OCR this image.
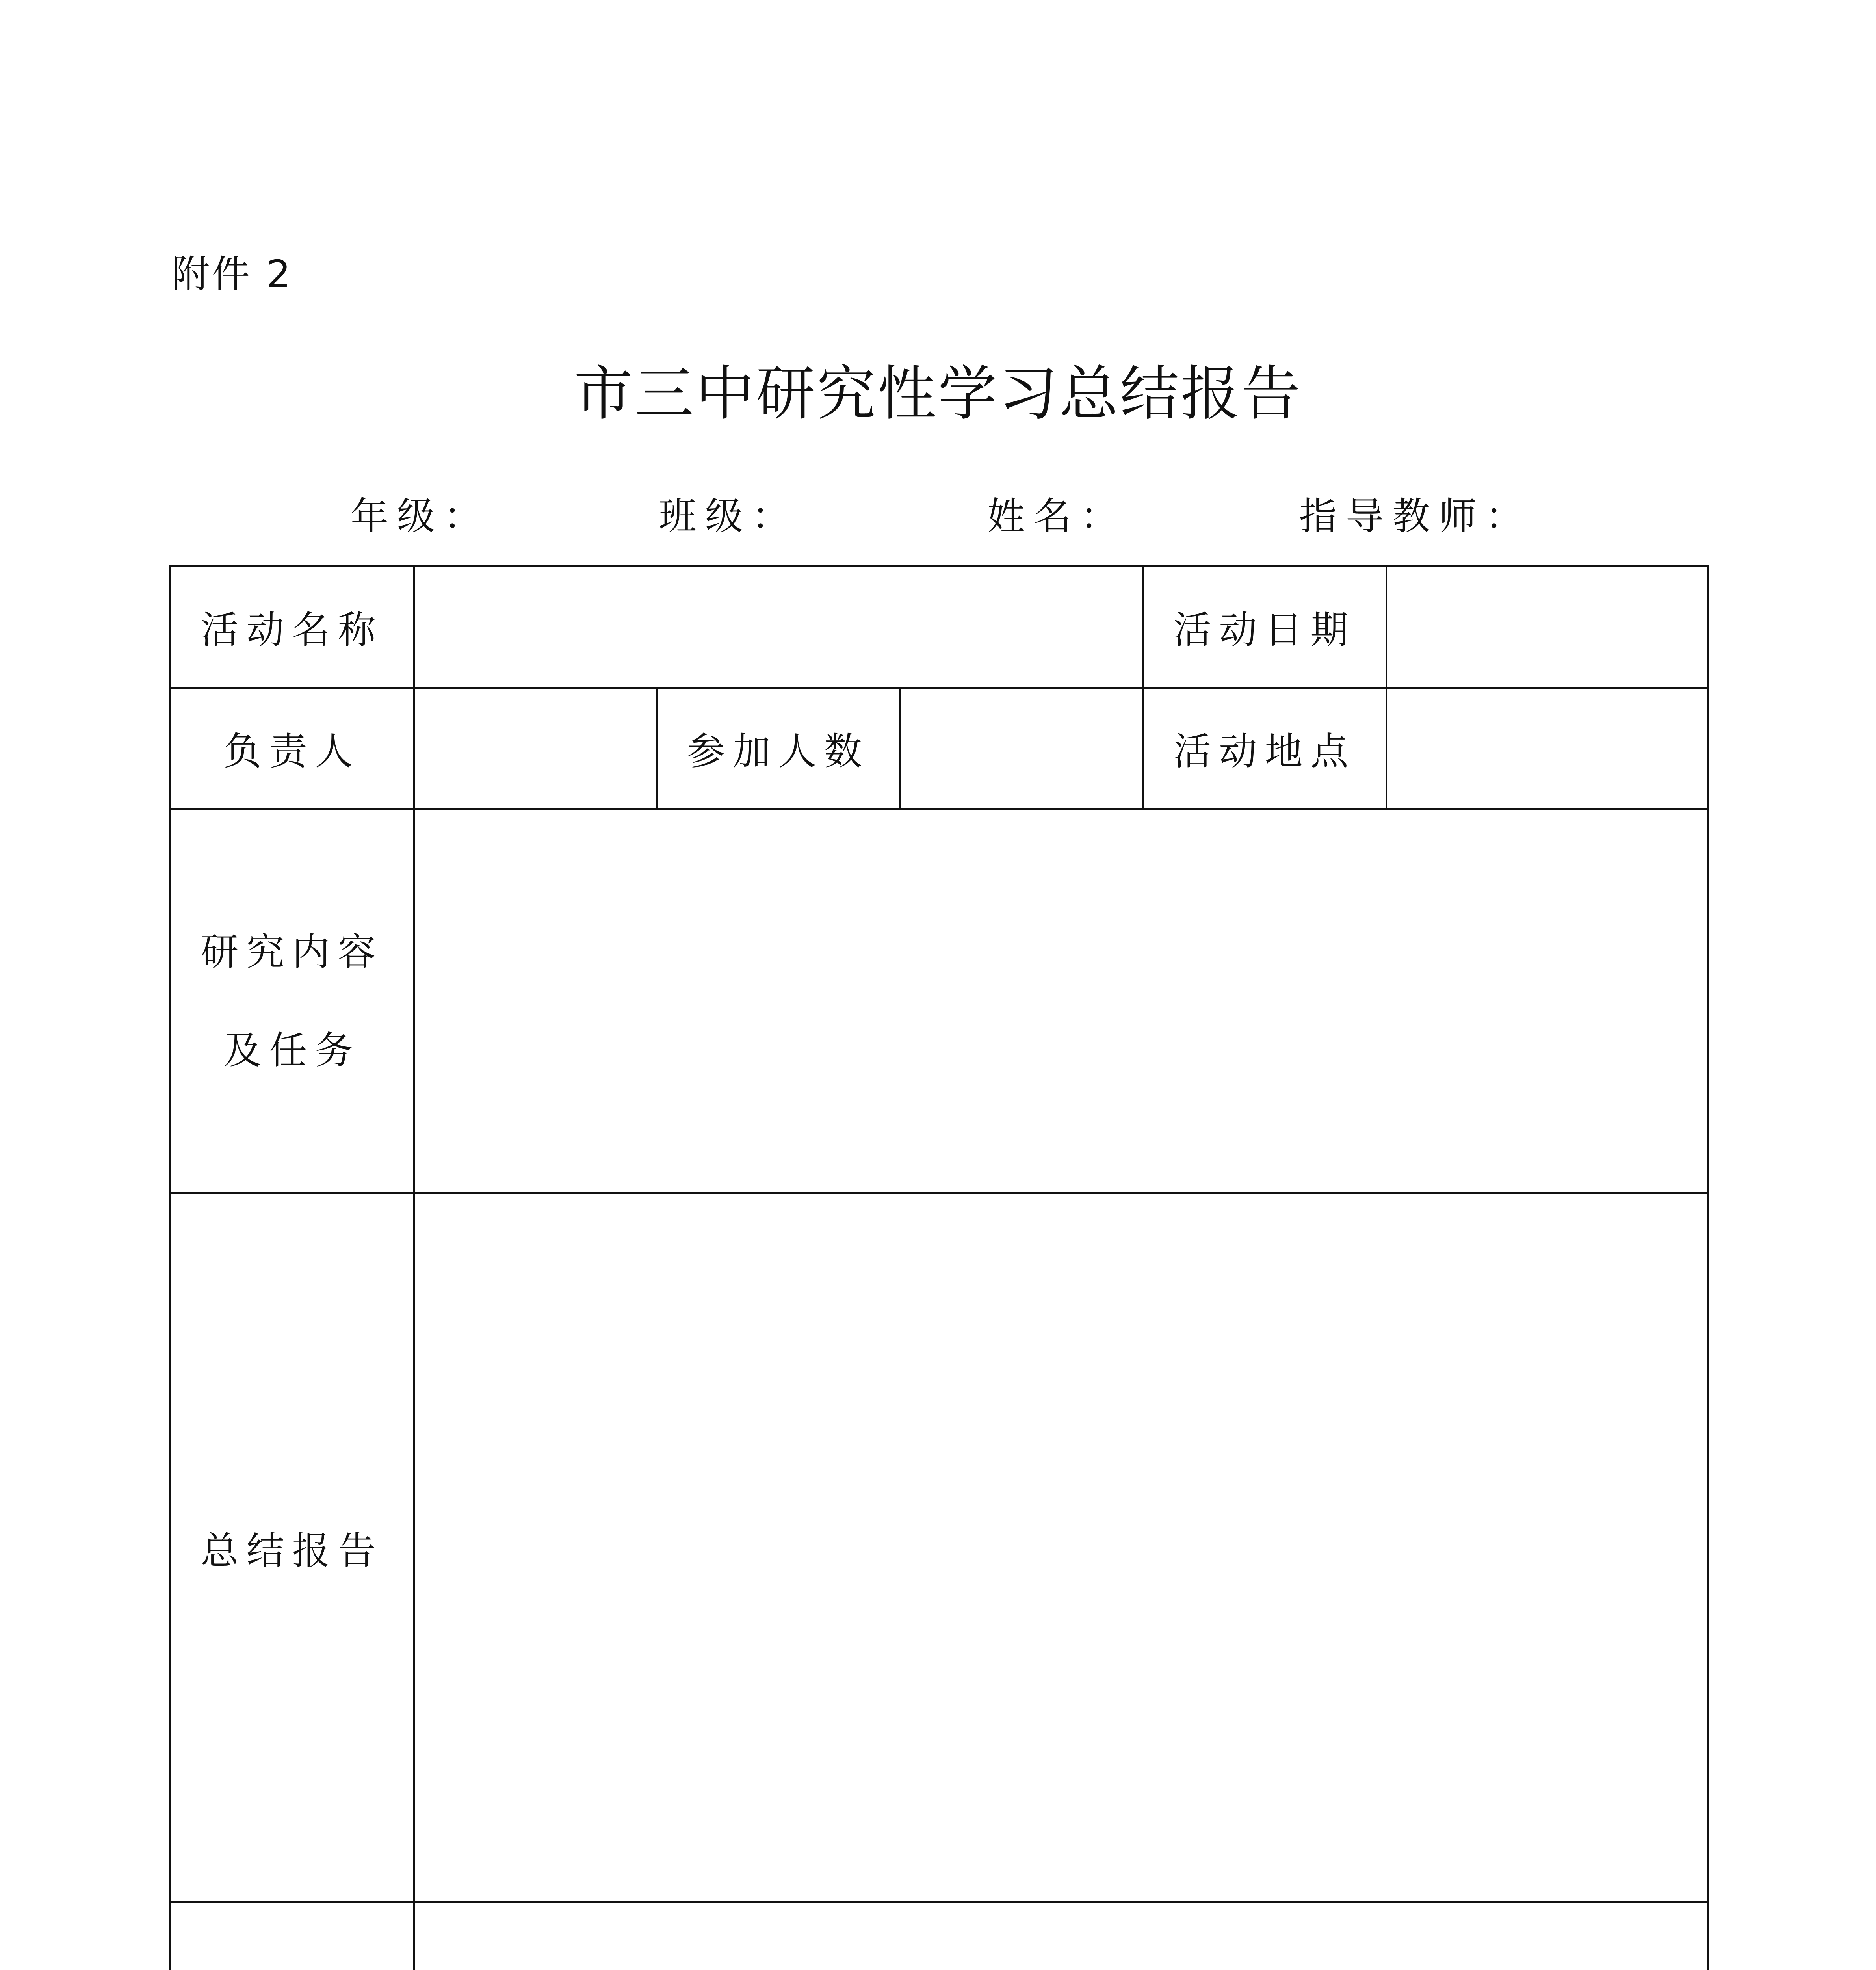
附件 2
市三中研究性学习总结报告
年级：	班级：	姓名：	指导教师：
活动名称				活动日期	
负责人		参加人数		活动地点	

研究内容
及任务					

总结报告					
